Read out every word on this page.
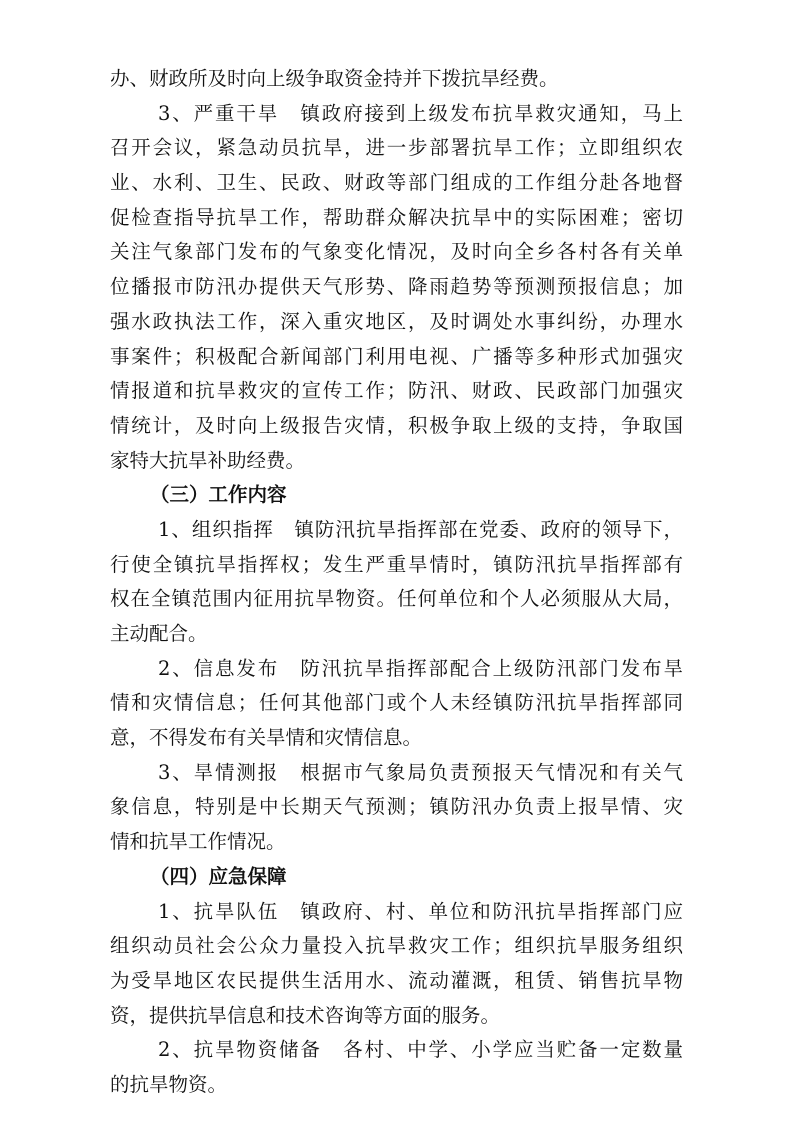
办、财政所及时向上级争取资金持并下拨抗旱经费。
3、严重干旱　镇政府接到上级发布抗旱救灾通知，马上
召开会议，紧急动员抗旱，进一步部署抗旱工作；立即组织农
业、水利、卫生、民政、财政等部门组成的工作组分赴各地督
促检查指导抗旱工作，帮助群众解决抗旱中的实际困难；密切
关注气象部门发布的气象变化情况，及时向全乡各村各有关单
位播报市防汛办提供天气形势、降雨趋势等预测预报信息；加
强水政执法工作，深入重灾地区，及时调处水事纠纷，办理水
事案件；积极配合新闻部门利用电视、广播等多种形式加强灾
情报道和抗旱救灾的宣传工作；防汛、财政、民政部门加强灾
情统计，及时向上级报告灾情，积极争取上级的支持，争取国
家特大抗旱补助经费。
（三）工作内容
1、组织指挥　镇防汛抗旱指挥部在党委、政府的领导下，
行使全镇抗旱指挥权；发生严重旱情时，镇防汛抗旱指挥部有
权在全镇范围内征用抗旱物资。任何单位和个人必须服从大局，
主动配合。
2、信息发布　防汛抗旱指挥部配合上级防汛部门发布旱
情和灾情信息；任何其他部门或个人未经镇防汛抗旱指挥部同
意，不得发布有关旱情和灾情信息。
3、旱情测报　根据市气象局负责预报天气情况和有关气
象信息，特别是中长期天气预测；镇防汛办负责上报旱情、灾
情和抗旱工作情况。
（四）应急保障
1、抗旱队伍　镇政府、村、单位和防汛抗旱指挥部门应
组织动员社会公众力量投入抗旱救灾工作；组织抗旱服务组织
为受旱地区农民提供生活用水、流动灌溉，租赁、销售抗旱物
资，提供抗旱信息和技术咨询等方面的服务。
2、抗旱物资储备　各村、中学、小学应当贮备一定数量
的抗旱物资。
